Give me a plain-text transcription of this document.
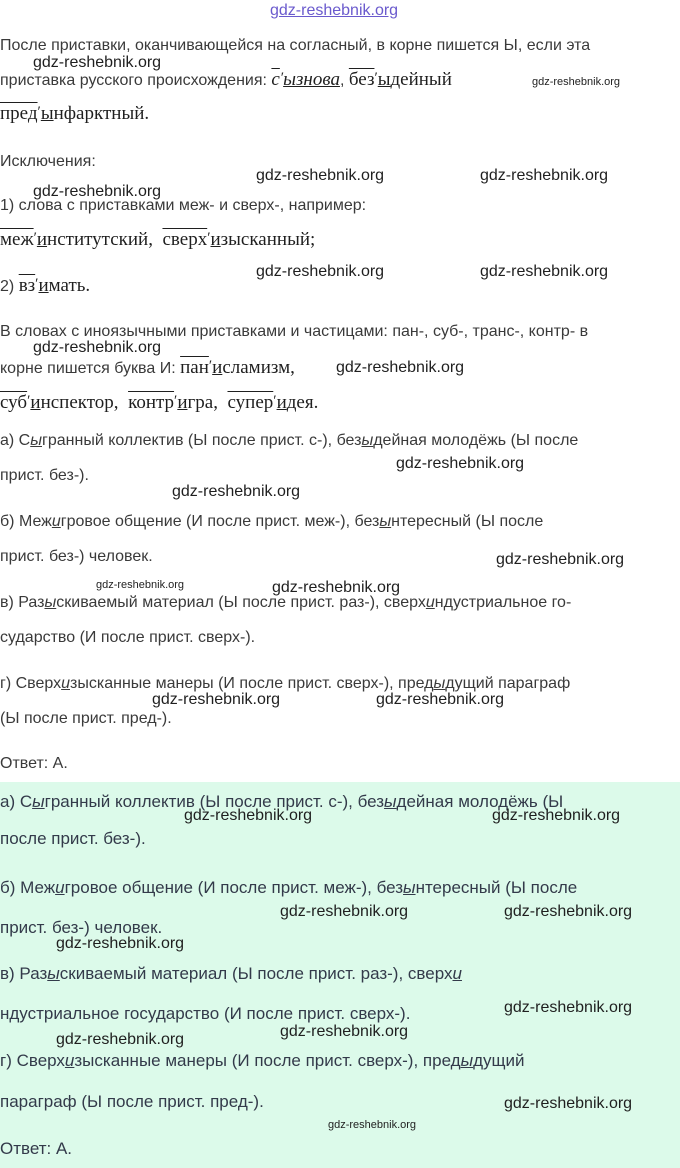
gdz-reshebnik.org
После приставки, оканчивающейся на согласный, в корне пишется Ы, если эта
приставка русского происхождения: с′ызнова, без′ыдейный
пред′ынфарктный.
Исключения:
1) слова с приставками меж- и сверх-, например:
меж′институтский, сверх′изысканный;
2) вз′имать.
В словах с иноязычными приставками и частицами: пан-, суб-, транс-, контр- в
корне пишется буква И: пан′исламизм,
суб′инспектор, контр′игра, супер′идея.
а) Сыгранный коллектив (Ы после прист. с-), безыдейная молодёжь (Ы после
прист. без-).
б) Межигровое общение (И после прист. меж-), безынтересный (Ы после
прист. без-) человек.
в) Разыскиваемый материал (Ы после прист. раз-), сверхиндустриальное го-
сударство (И после прист. сверх-).
г) Сверхизысканные манеры (И после прист. сверх-), предыдущий параграф
(Ы после прист. пред-).
Ответ: А.
а) Сыгранный коллектив (Ы после прист. с-), безыдейная молодёжь (Ы
после прист. без-).
б) Межигровое общение (И после прист. меж-), безынтересный (Ы после
прист. без-) человек.
в) Разыскиваемый материал (Ы после прист. раз-), сверхи
ндустриальное государство (И после прист. сверх-).
г) Сверхизысканные манеры (И после прист. сверх-), предыдущий
параграф (Ы после прист. пред-).
Ответ: А.
gdz-reshebnik.org
gdz-reshebnik.org
gdz-reshebnik.org	gdz-reshebnik.org
gdz-reshebnik.org
gdz-reshebnik.org	gdz-reshebnik.org
gdz-reshebnik.org
gdz-reshebnik.org
gdz-reshebnik.org
gdz-reshebnik.org
gdz-reshebnik.org
gdz-reshebnik.org	gdz-reshebnik.org
gdz-reshebnik.org	gdz-reshebnik.org
gdz-reshebnik.org	gdz-reshebnik.org
gdz-reshebnik.org	gdz-reshebnik.org
gdz-reshebnik.org
gdz-reshebnik.org
gdz-reshebnik.org
gdz-reshebnik.org
gdz-reshebnik.org
gdz-reshebnik.org
